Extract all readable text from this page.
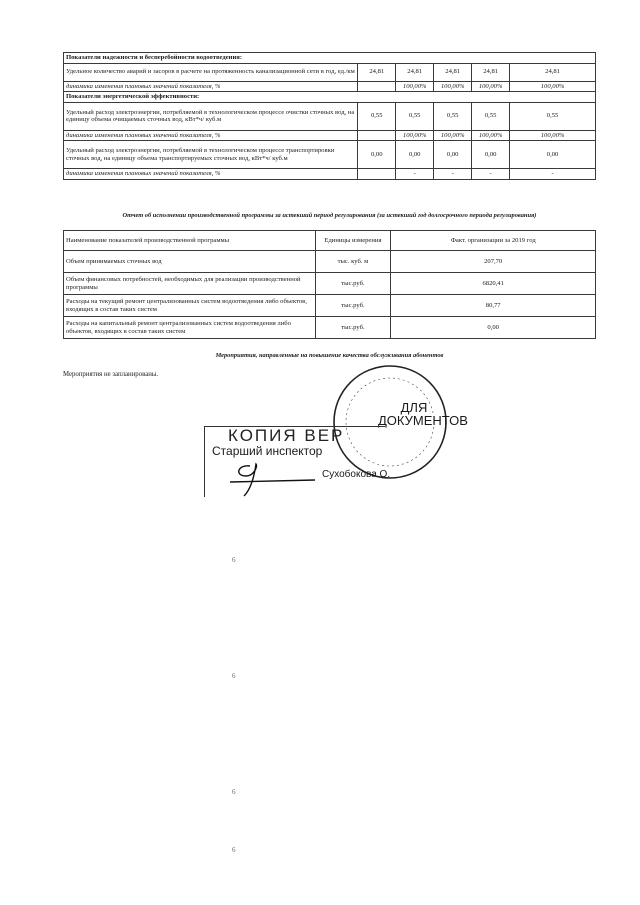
Показатели надежности и бесперебойности водоотведения:					
Удельное количество аварий и засоров в расчете на протяженность канализационной сети в год, ед./км	24,81	24,81	24,81	24,81	24,81
динамика изменения плановых значений показателя, %		100,00%	100,00%	100,00%	100,00%
Показатели энергетической эффективности:					
Удельный расход электроэнергии, потребляемой в технологическом процессе очистки сточных вод, на единицу объема очищаемых сточных вод, кВт*ч/ куб.м	0,55	0,55	0,55	0,55	0,55
динамика изменения плановых значений показателя, %		100,00%	100,00%	100,00%	100,00%
Удельный расход электроэнергии, потребляемой в технологическом процессе транспортировки сточных вод, на единицу объема транспортируемых сточных вод, кВт*ч/ куб.м	0,00	0,00	0,00	0,00	0,00
динамика изменения плановых значений показателя, %		-	-	-	-
Отчет об исполнении производственной программы за истекший период регулирования (за истекший год долгосрочного периода регулирования)
Наименование показателей производственной программы	Единицы измерения	Факт. организации за 2019 год
Объем принимаемых сточных вод	тыс. куб. м	207,70
Объем финансовых потребностей, необходимых для реализации производственной программы	тыс.руб.	6820,41
Расходы на текущий ремонт централизованных систем водоотведения либо объектов, входящих в состав таких систем	тыс.руб.	80,77
Расходы на капитальный ремонт централизованных систем водоотведения либо объектов, входящих в состав таких систем	тыс.руб.	0,00
Мероприятия, направленные на повышение качества обслуживания абонентов
Мероприятия не запланированы.
ДЛЯ
ДОКУМЕНТОВ
КОПИЯ ВЕР
Старший инспектор
Сухобокова О.
6
6
6
6
